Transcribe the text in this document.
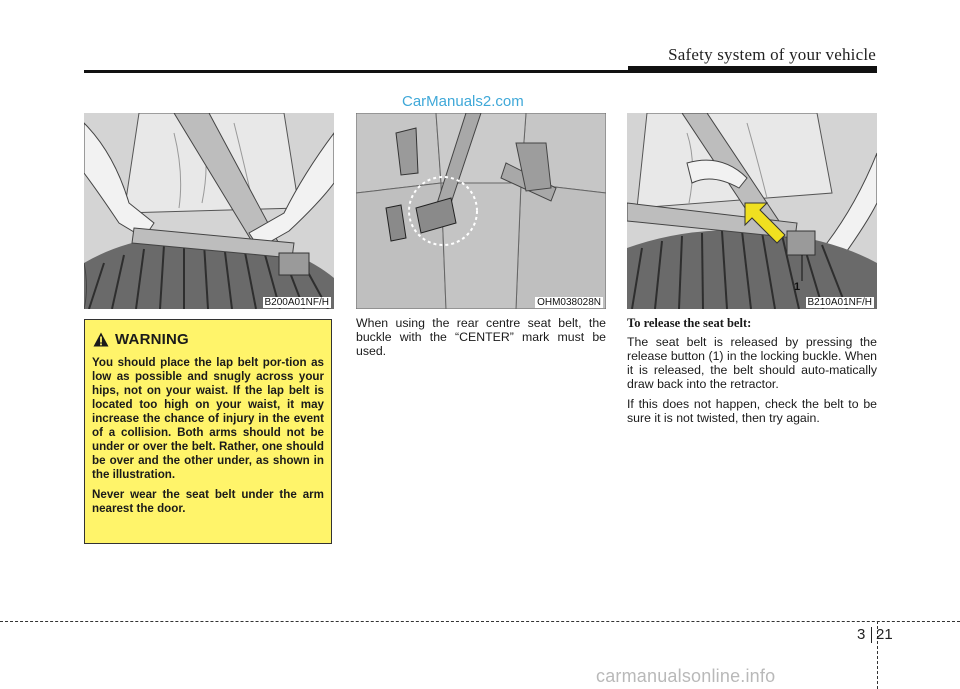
Safety system of your vehicle
CarManuals2.com
B200A01NF/H	OHM038028N
1
B210A01NF/H
WARNING

You should place the lap belt por-tion as low as possible and snugly across your hips, not on your waist. If the lap belt is located too high on your waist, it may increase the chance of injury in the event of a collision. Both arms should not be under or over the belt. Rather, one should be over and the other under, as shown in the illustration.

Never wear the seat belt under the arm nearest the door.

When using the rear centre seat belt, the buckle with the “CENTER” mark must be used.
To release the seat belt:

The seat belt is released by pressing the release button (1) in the locking buckle. When it is released, the belt should auto-matically draw back into the retractor.

If this does not happen, check the belt to be sure it is not twisted, then try again.

3 21
carmanualsonline.info
